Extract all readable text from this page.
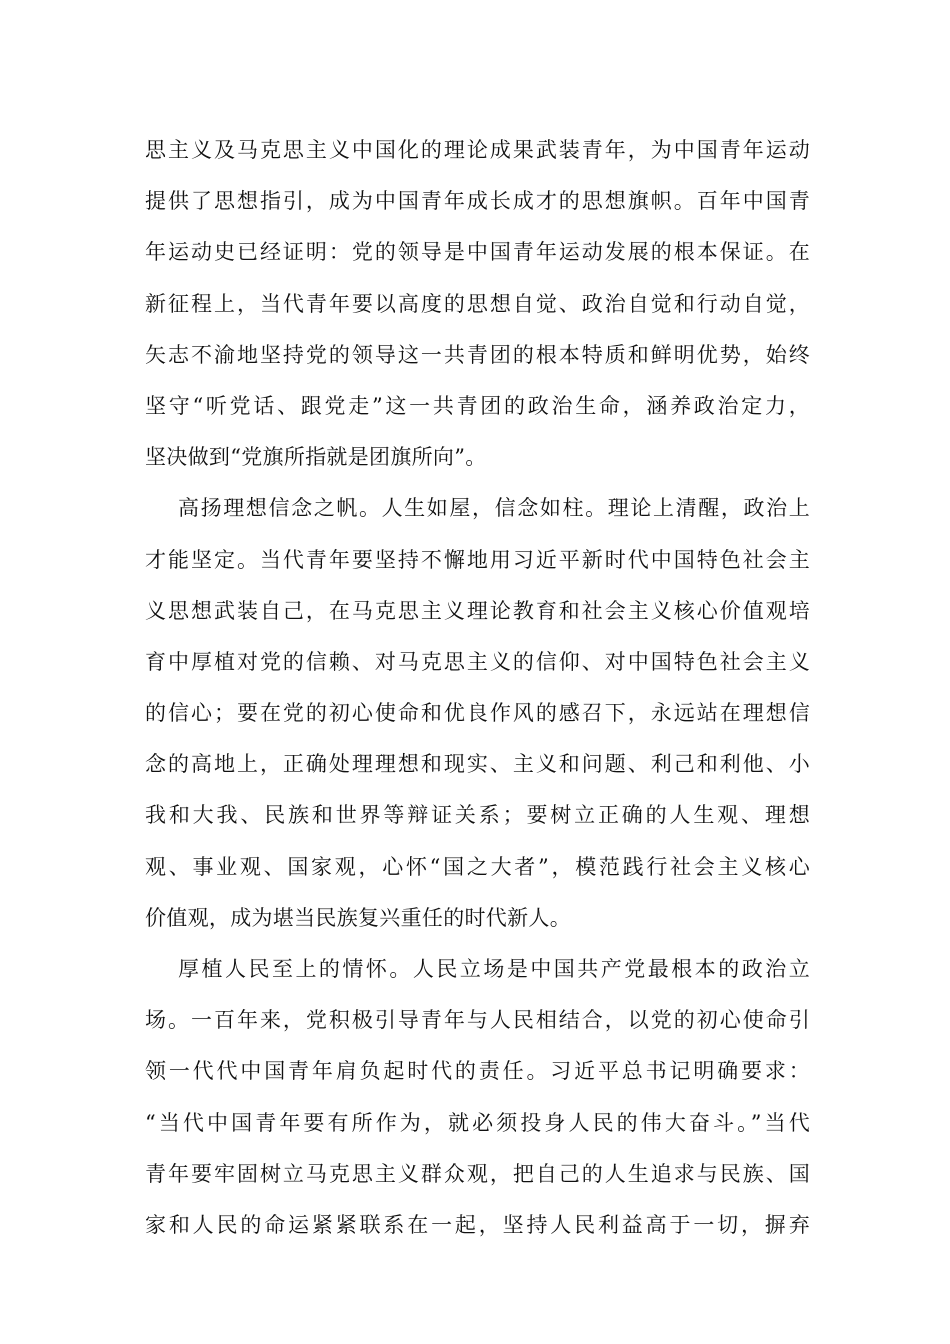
思主义及马克思主义中国化的理论成果武装青年，为中国青年运动
提供了思想指引，成为中国青年成长成才的思想旗帜。百年中国青
年运动史已经证明：党的领导是中国青年运动发展的根本保证。在
新征程上，当代青年要以高度的思想自觉、政治自觉和行动自觉，
矢志不渝地坚持党的领导这一共青团的根本特质和鲜明优势，始终
坚守“听党话、跟党走”这一共青团的政治生命，涵养政治定力，
坚决做到“党旗所指就是团旗所向”。
高扬理想信念之帆。人生如屋，信念如柱。理论上清醒，政治上
才能坚定。当代青年要坚持不懈地用习近平新时代中国特色社会主
义思想武装自己，在马克思主义理论教育和社会主义核心价值观培
育中厚植对党的信赖、对马克思主义的信仰、对中国特色社会主义
的信心；要在党的初心使命和优良作风的感召下，永远站在理想信
念的高地上，正确处理理想和现实、主义和问题、利己和利他、小
我和大我、民族和世界等辩证关系；要树立正确的人生观、理想
观、事业观、国家观，心怀“国之大者”，模范践行社会主义核心
价值观，成为堪当民族复兴重任的时代新人。
厚植人民至上的情怀。人民立场是中国共产党最根本的政治立
场。一百年来，党积极引导青年与人民相结合，以党的初心使命引
领一代代中国青年肩负起时代的责任。习近平总书记明确要求：
“当代中国青年要有所作为，就必须投身人民的伟大奋斗。”当代
青年要牢固树立马克思主义群众观，把自己的人生追求与民族、国
家和人民的命运紧紧联系在一起，坚持人民利益高于一切，摒弃
